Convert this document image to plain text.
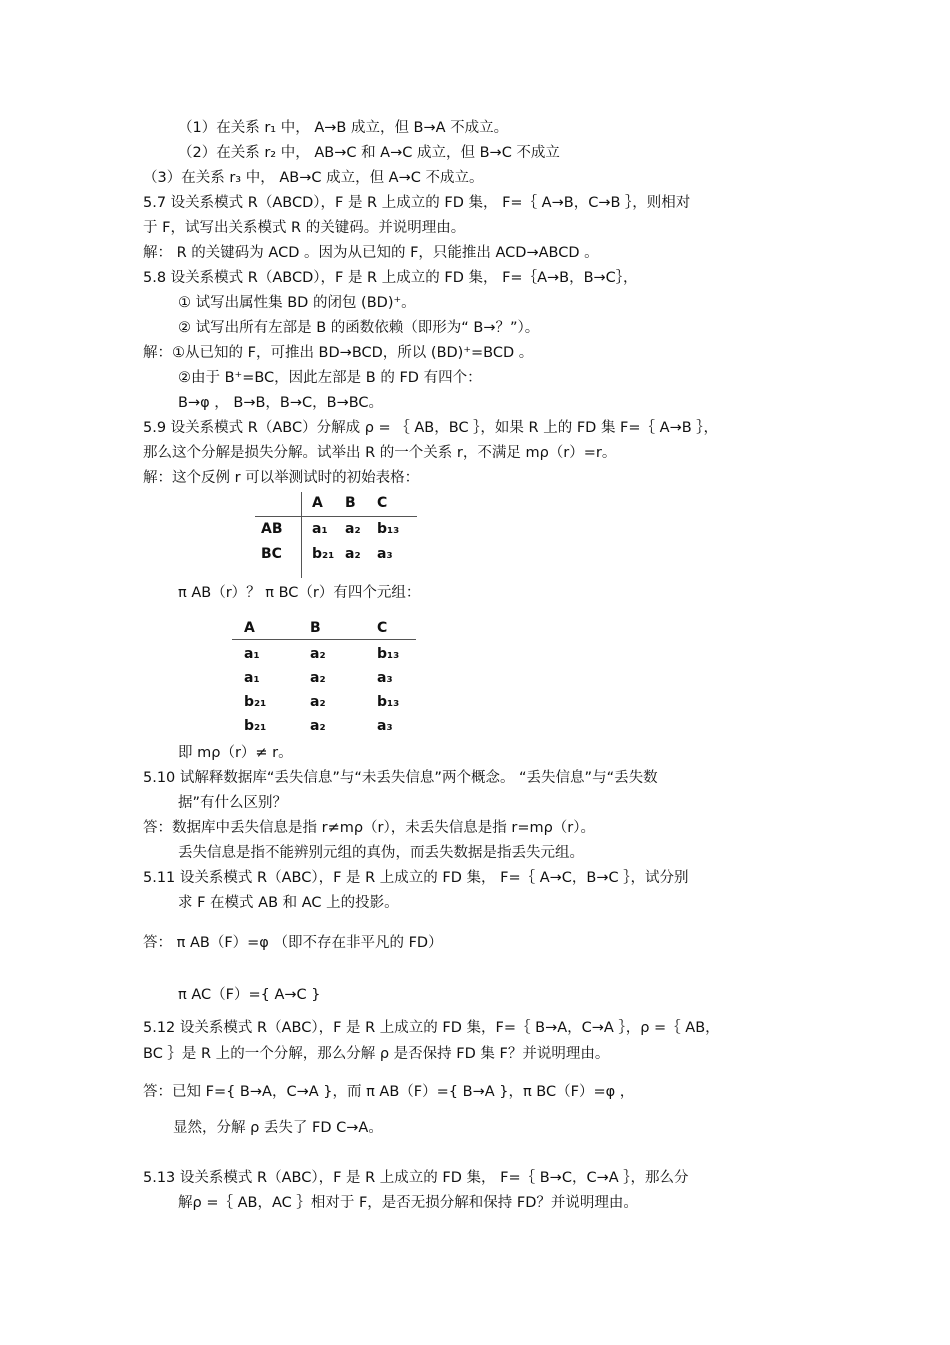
（1）在关系 r₁ 中， A→B 成立，但 B→A 不成立。
（2）在关系 r₂ 中， AB→C 和 A→C 成立，但 B→C 不成立
（3）在关系 r₃ 中， AB→C 成立，但 A→C 不成立。
5.7 设关系模式 R（ABCD），F 是 R 上成立的 FD 集， F=｛ A→B，C→B ｝，则相对
于 F，试写出关系模式 R 的关键码。并说明理由。
解： R 的关键码为 ACD 。因为从已知的 F，只能推出 ACD→ABCD 。
5.8 设关系模式 R（ABCD），F 是 R 上成立的 FD 集， F=｛A→B，B→C｝，
① 试写出属性集 BD 的闭包 (BD)⁺。
② 试写出所有左部是 B 的函数依赖（即形为“ B→？”）。
解：①从已知的 F，可推出 BD→BCD，所以 (BD)⁺=BCD 。
②由于 B⁺=BC，因此左部是 B 的 FD 有四个：
B→φ ， B→B，B→C，B→BC。
5.9 设关系模式 R（ABC）分解成 ρ = ｛ AB，BC ｝，如果 R 上的 FD 集 F=｛ A→B ｝，
那么这个分解是损失分解。试举出 R 的一个关系 r，不满足 mρ（r）=r。
解：这个反例 r 可以举测试时的初始表格：
A B C
AB a₁ a₂ b₁₃
BC b₂₁ a₂ a₃
π AB（r）？ π BC（r）有四个元组：
A	B	C
a₁	a₂	b₁₃
a₁	a₂	a₃
b₂₁	a₂	b₁₃
b₂₁	a₂	a₃
即 mρ（r）≠ r。
5.10 试解释数据库“丢失信息”与“未丢失信息”两个概念。 “丢失信息”与“丢失数
据”有什么区别？
答：数据库中丢失信息是指 r≠mρ（r），未丢失信息是指 r=mρ（r）。
丢失信息是指不能辨别元组的真伪，而丢失数据是指丢失元组。
5.11 设关系模式 R（ABC），F 是 R 上成立的 FD 集， F=｛ A→C，B→C ｝，试分别
求 F 在模式 AB 和 AC 上的投影。
答： π AB（F）=φ （即不存在非平凡的 FD）
π AC（F）={ A→C }
5.12 设关系模式 R（ABC），F 是 R 上成立的 FD 集，F=｛ B→A，C→A ｝，ρ =｛ AB，
BC ｝是 R 上的一个分解，那么分解 ρ 是否保持 FD 集 F？并说明理由。
答：已知 F={ B→A，C→A }，而 π AB（F）={ B→A }，π BC（F）=φ ，
显然，分解 ρ 丢失了 FD C→A。
5.13 设关系模式 R（ABC），F 是 R 上成立的 FD 集， F=｛ B→C，C→A ｝，那么分
解ρ =｛ AB，AC ｝相对于 F，是否无损分解和保持 FD？并说明理由。
